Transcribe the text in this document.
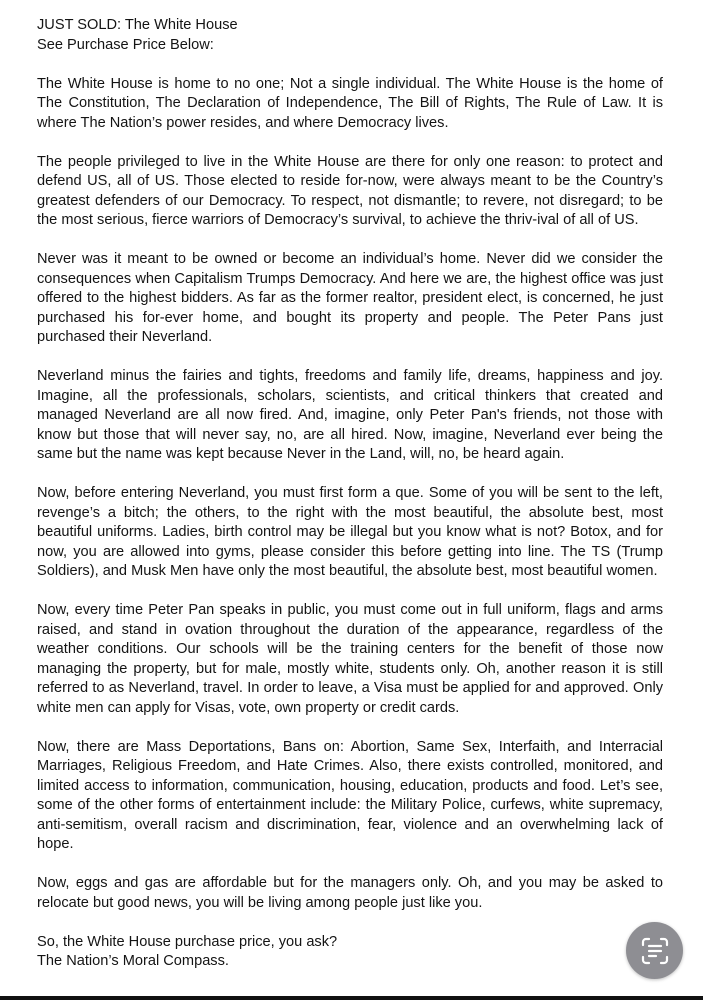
JUST SOLD: The White House
See Purchase Price Below:

The White House is home to no one; Not a single individual. The White House is the home of The Constitution, The Declaration of Independence, The Bill of Rights, The Rule of Law. It is where The Nation’s power resides, and where Democracy lives.

The people privileged to live in the White House are there for only one reason: to protect and defend US, all of US. Those elected to reside for-now, were always meant to be the Country’s greatest defenders of our Democracy. To respect, not dismantle; to revere, not disregard; to be the most serious, fierce warriors of Democracy’s survival, to achieve the thriv-ival of all of US.

Never was it meant to be owned or become an individual’s home. Never did we consider the consequences when Capitalism Trumps Democracy. And here we are, the highest office was just offered to the highest bidders. As far as the former realtor, president elect, is concerned, he just purchased his for-ever home, and bought its property and people. The Peter Pans just purchased their Neverland.

Neverland minus the fairies and tights, freedoms and family life, dreams, happiness and joy. Imagine, all the professionals, scholars, scientists, and critical thinkers that created and managed Neverland are all now fired. And, imagine, only Peter Pan's friends, not those with know but those that will never say, no, are all hired. Now, imagine, Neverland ever being the same but the name was kept because Never in the Land, will, no, be heard again.

Now, before entering Neverland, you must first form a que. Some of you will be sent to the left, revenge’s a bitch; the others, to the right with the most beautiful, the absolute best, most beautiful uniforms. Ladies, birth control may be illegal but you know what is not? Botox, and for now, you are allowed into gyms, please consider this before getting into line. The TS (Trump Soldiers), and Musk Men have only the most beautiful, the absolute best, most beautiful women.

Now, every time Peter Pan speaks in public, you must come out in full uniform, flags and arms raised, and stand in ovation throughout the duration of the appearance, regardless of the weather conditions. Our schools will be the training centers for the benefit of those now managing the property, but for male, mostly white, students only. Oh, another reason it is still referred to as Neverland, travel. In order to leave, a Visa must be applied for and approved. Only white men can apply for Visas, vote, own property or credit cards.

Now, there are Mass Deportations, Bans on: Abortion, Same Sex, Interfaith, and Interracial Marriages, Religious Freedom, and Hate Crimes. Also, there exists controlled, monitored, and limited access to information, communication, housing, education, products and food. Let’s see, some of the other forms of entertainment include: the Military Police, curfews, white supremacy, anti-semitism, overall racism and discrimination, fear, violence and an overwhelming lack of hope.

Now, eggs and gas are affordable but for the managers only. Oh, and you may be asked to relocate but good news, you will be living among people just like you.

So, the White House purchase price, you ask?
The Nation’s Moral Compass.
